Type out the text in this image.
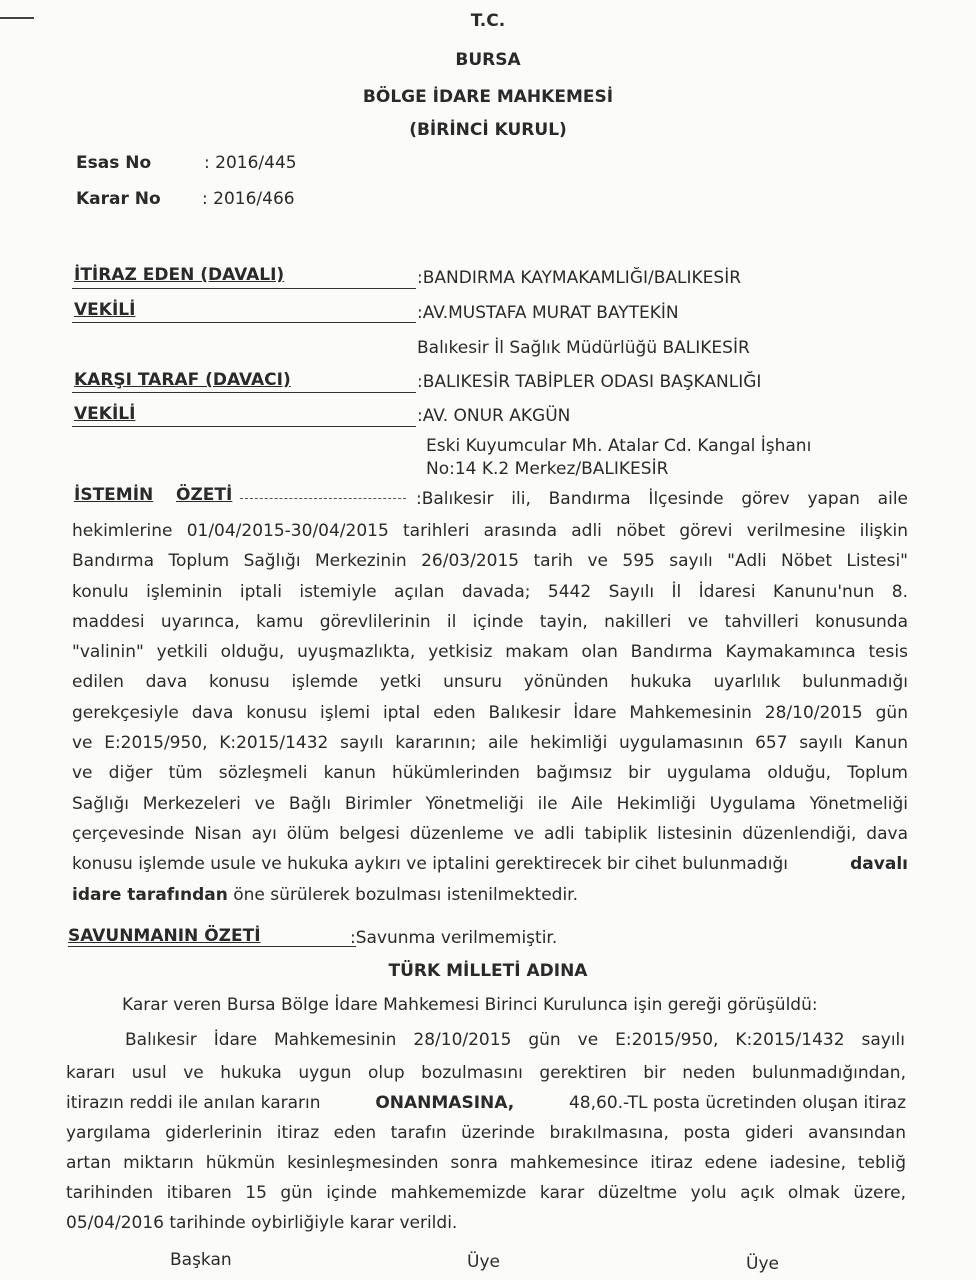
T.C.
BURSA
BÖLGE İDARE MAHKEMESİ
(BİRİNCİ KURUL)
Esas No	: 2016/445
Karar No : 2016/466
İTİRAZ EDEN (DAVALI)	:BANDIRMA KAYMAKAMLIĞI/BALIKESİR
VEKİLİ	:AV.MUSTAFA MURAT BAYTEKİN
Balıkesir İl Sağlık Müdürlüğü BALIKESİR
KARŞI TARAF (DAVACI)	:BALIKESİR TABİPLER ODASI BAŞKANLIĞI
VEKİLİ	:AV. ONUR AKGÜN
Eski Kuyumcular Mh. Atalar Cd. Kangal İşhanı
No:14 K.2 Merkez/BALIKESİR
İSTEMİN ÖZETİ	:Balıkesir ili, Bandırma İlçesinde görev yapan aile
hekimlerine 01/04/2015-30/04/2015 tarihleri arasında adli nöbet görevi verilmesine ilişkin
Bandırma Toplum Sağlığı Merkezinin 26/03/2015 tarih ve 595 sayılı "Adli Nöbet Listesi"
konulu işleminin iptali istemiyle açılan davada; 5442 Sayılı İl İdaresi Kanunu'nun 8.
maddesi uyarınca, kamu görevlilerinin il içinde tayin, nakilleri ve tahvilleri konusunda
"valinin" yetkili olduğu, uyuşmazlıkta, yetkisiz makam olan Bandırma Kaymakamınca tesis
edilen dava konusu işlemde yetki unsuru yönünden hukuka uyarlılık bulunmadığı
gerekçesiyle dava konusu işlemi iptal eden Balıkesir İdare Mahkemesinin 28/10/2015 gün
ve E:2015/950, K:2015/1432 sayılı kararının; aile hekimliği uygulamasının 657 sayılı Kanun
ve diğer tüm sözleşmeli kanun hükümlerinden bağımsız bir uygulama olduğu, Toplum
Sağlığı Merkezeleri ve Bağlı Birimler Yönetmeliği ile Aile Hekimliği Uygulama Yönetmeliği
çerçevesinde Nisan ayı ölüm belgesi düzenleme ve adli tabiplik listesinin düzenlendiği, dava
konusu işlemde usule ve hukuka aykırı ve iptalini gerektirecek bir cihet bulunmadığı	davalı
idare tarafından öne sürülerek bozulması istenilmektedir.
SAVUNMANIN ÖZETİ	:Savunma verilmemiştir.
TÜRK MİLLETİ ADINA
Karar veren Bursa Bölge İdare Mahkemesi Birinci Kurulunca işin gereği görüşüldü:
Balıkesir İdare Mahkemesinin 28/10/2015 gün ve E:2015/950, K:2015/1432 sayılı
kararı usul ve hukuka uygun olup bozulmasını gerektiren bir neden bulunmadığından,
itirazın reddi ile anılan kararın	ONANMASINA,	48,60.-TL posta ücretinden oluşan itiraz
yargılama giderlerinin itiraz eden tarafın üzerinde bırakılmasına, posta gideri avansından
artan miktarın hükmün kesinleşmesinden sonra mahkemesince itiraz edene iadesine, tebliğ
tarihinden itibaren 15 gün içinde mahkememizde karar düzeltme yolu açık olmak üzere,
05/04/2016 tarihinde oybirliğiyle karar verildi.
Başkan	Üye	Üye
